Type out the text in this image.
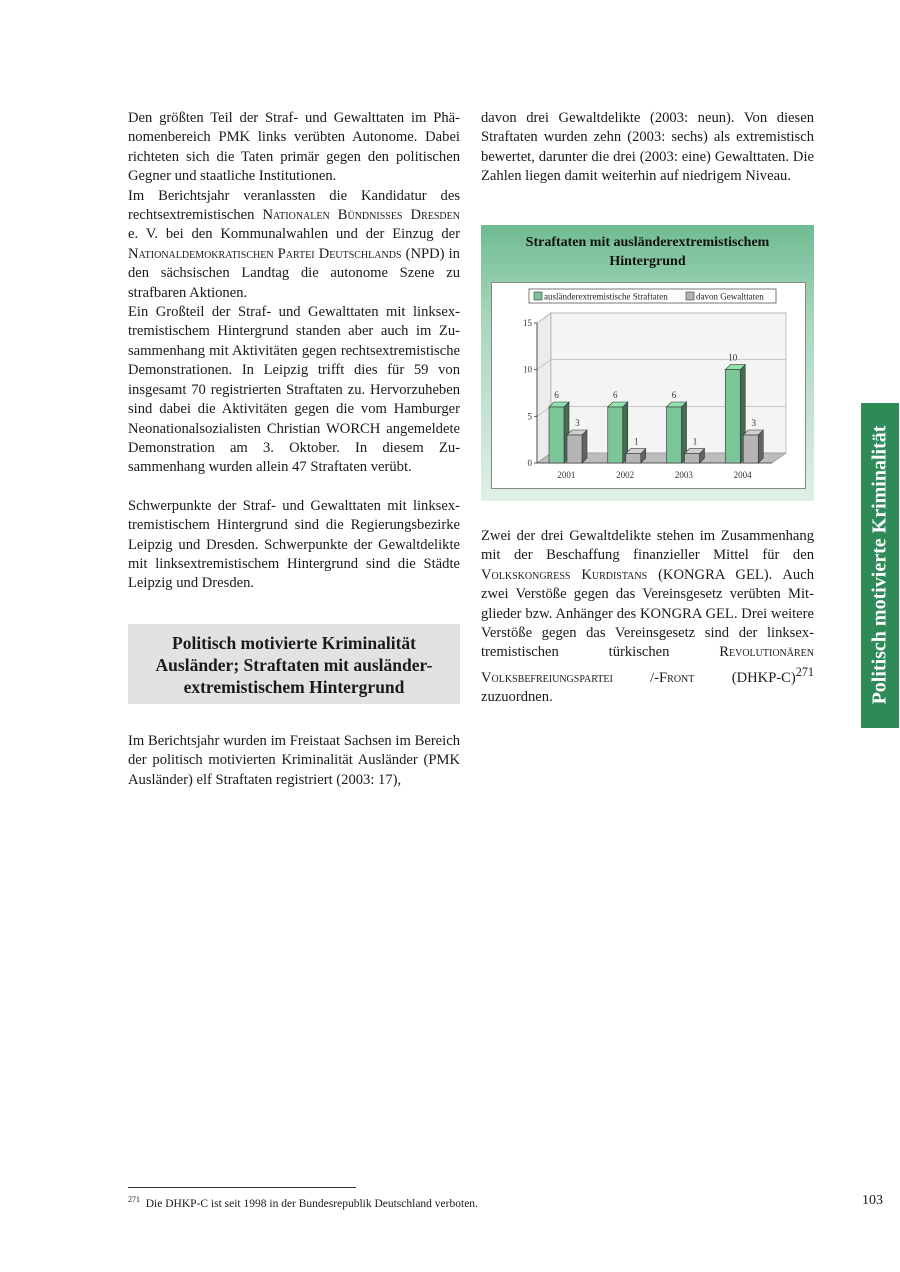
Den größten Teil der Straf- und Gewalttaten im Phänomenbereich PMK links verübten Autonome. Dabei richteten sich die Taten primär gegen den politischen Gegner und staatliche Institutionen.

Im Berichtsjahr veranlassten die Kandidatur des rechtsextremistischen Nationalen Bündnisses Dresden e. V. bei den Kommunalwahlen und der Einzug der Nationaldemokratischen Partei Deutschlands (NPD) in den sächsischen Landtag die autonome Szene zu strafbaren Aktionen.

Ein Großteil der Straf- und Gewalttaten mit linksextremistischem Hintergrund standen aber auch im Zusammenhang mit Aktivitäten gegen rechtsextremistische Demonstrationen. In Leipzig trifft dies für 59 von insgesamt 70 registrierten Straftaten zu. Hervorzuheben sind dabei die Aktivitäten gegen die vom Hamburger Neonationalsozialisten Christian WORCH angemeldete Demonstration am 3. Oktober. In diesem Zusammenhang wurden allein 47 Straftaten verübt.

Schwerpunkte der Straf- und Gewalttaten mit linksextremistischem Hintergrund sind die Regierungsbezirke Leipzig und Dresden. Schwerpunkte der Gewaltdelikte mit linksextremistischem Hintergrund sind die Städte Leipzig und Dresden.

Politisch motivierte Kriminalität
Ausländer; Straftaten mit ausländer-
extremistischem Hintergrund

Im Berichtsjahr wurden im Freistaat Sachsen im Bereich der politisch motivierten Kriminalität Ausländer (PMK Ausländer) elf Straftaten registriert (2003: 17),

davon drei Gewaltdelikte (2003: neun). Von diesen Straftaten wurden zehn (2003: sechs) als extremistisch bewertet, darunter die drei (2003: eine) Gewalttaten. Die Zahlen liegen damit weiterhin auf niedrigem Niveau.

Straftaten mit ausländerextremistischem
Hintergrund
ausländerextremistische Straftaten	davon Gewalttaten
0
5
10
15
6
3
2001
6
1
2002
6
1
2003
10
3
2004

Zwei der drei Gewaltdelikte stehen im Zusammenhang mit der Beschaffung finanzieller Mittel für den Volkskongress Kurdistans (KONGRA GEL). Auch zwei Verstöße gegen das Vereinsgesetz verübten Mitglieder bzw. Anhänger des KONGRA GEL. Drei weitere Verstöße gegen das Vereinsgesetz sind der linksextremistischen türkischen Revolutionären Volksbefreiungspartei /-Front (DHKP-C)$^{271}$ zuzuordnen.	Politisch motivierte Kriminalität
$^{271}$ Die DHKP-C ist seit 1998 in der Bundesrepublik Deutschland verboten.	103
